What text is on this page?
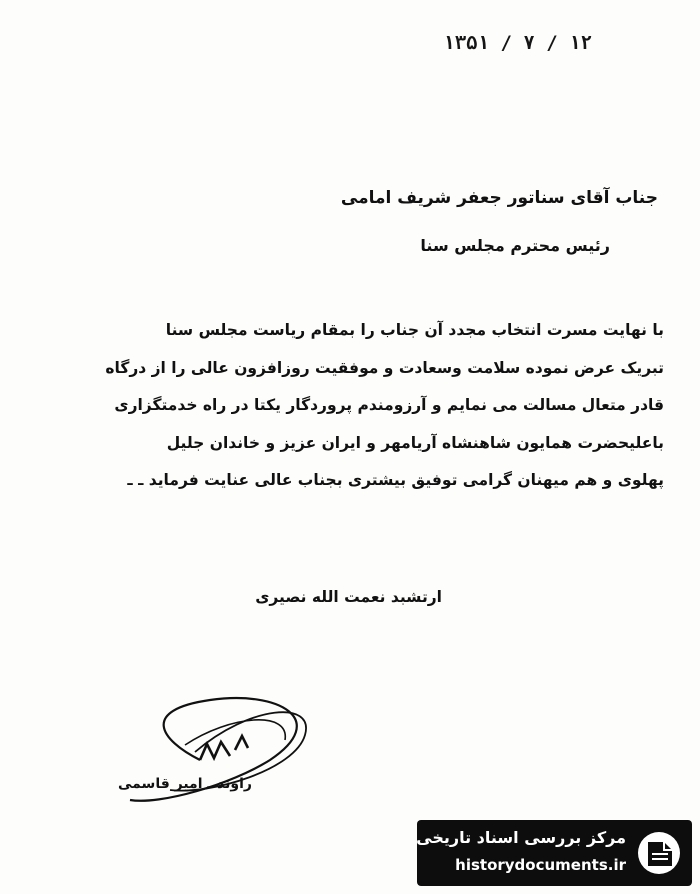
۱۳۵۱ / ۷ / ۱۲
جناب آقای سناتور جعفر شریف امامی
رئیس محترم مجلس سنا
با نهایت مسرت انتخاب مجدد آن جناب را بمقام ریاست مجلس سنا
تبریک عرض نموده سلامت وسعادت و موفقیت روزافزون عالی را از درگاه
قادر متعال مسالت می نمایم و آرزومندم پروردگار یکتا در راه خدمتگزاری
باعلیحضرت همایون شاهنشاه آریامهر و ایران عزیز و خاندان جلیل
پهلوی و هم میهنان گرامی توفیق بیشتری بجناب عالی عنایت فرماید ـ ـ
ارتشبد نعمت الله نصیری
راوند ـ امیر قاسمی
مرکز بررسی اسناد تاریخی
historydocuments.ir
